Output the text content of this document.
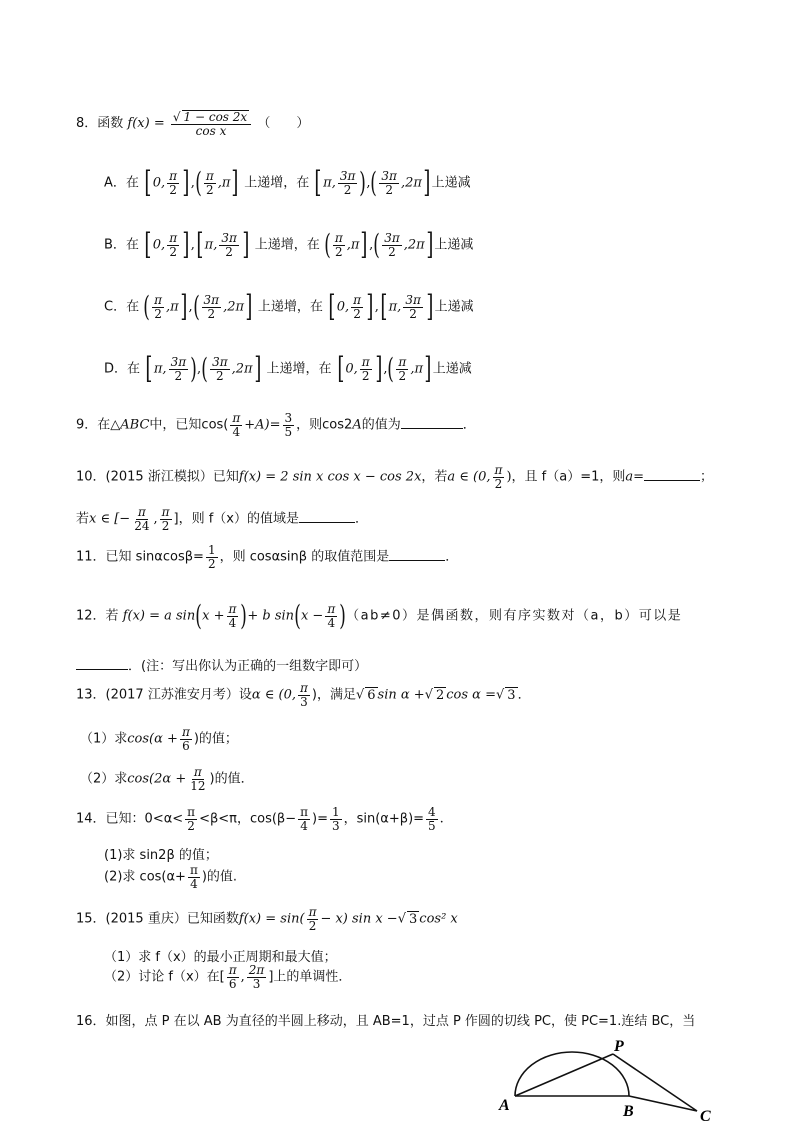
8．函数 $f(x) = \frac{√ 1 - \cos 2x}{\text{cos x}}$ （　　）
A．在 [0, $\frac{\pi}{2}$ ],( $\frac{\pi}{2} ,\pi$] 上递增，在 [π, $\frac{3\pi}{2}$ ),( $\frac{3\pi}{2} ,2\pi$]上递减
B．在 [0, $\frac{\pi}{2} ],[\pi$, $\frac{3\pi}{2}$ ] 上递增，在 ( $\frac{\pi}{2} ,\pi],( \frac{3\pi}{2} ,2\pi]$上递减
C．在 ( $\frac{\pi}{2} ,\pi],( \frac{3\pi}{2} ,2\pi]$ 上递增，在 [0, $\frac{\pi}{2} ],[\pi$, $\frac{3\pi}{2}$ ]上递减
D．在 [π, $\frac{3\pi}{2}$ ),( $\frac{3\pi}{2} ,2\pi$] 上递增，在 [0, $\frac{\pi}{2}$ ],( $\frac{\pi}{2} ,\pi$]上递减
9．在△ABC中，已知$\cos( \frac{\pi}{4} +A)= \frac{3}{5}$ ，则cos2A的值为	．
10．(2015 浙江模拟）已知f(x) = 2 sin x cos x − cos 2x，若a ∈ (0, $\frac{\pi}{2}$ )，且 f（a）=1，则a=	；
若x ∈ [− $\frac{\pi}{24}$ , $\frac{\pi}{2}$ ]，则 f（x）的值域是	．
11．已知 $\sin\alpha\cos\beta= \frac{1}{2}$ ，则 cosαsinβ 的取值范围是	．
12．若 f(x) = a $\sin(x + \frac{\pi}{4}$ )+ b $\sin(x - \frac{\pi}{4} )(ab\ne 0)$是偶函数，则有序实数对（a，b）可以是
．(注：写出你认为正确的一组数字即可）
13．(2017 江苏淮安月考）设α ∈ (0, $\frac{\pi}{3}$ )，满足√ 6 sin α +√ 2 cos α =√ 3 ．
（1）求$\cos(\alpha + \frac{\pi}{6}$ )的值；
（2）求$\cos(2\alpha + \frac{\pi}{12}$ )的值．
14．已知：$0<\alpha< \frac{\pi}{2} <\beta<\pi$，$\cos(\beta- \frac{\pi}{4}$ )= $\frac{1}{3}$ ，$\sin(\alpha+\beta)= \frac{4}{5}$ .
(1)求 sin2β 的值；
(2)求 $\cos(\alpha+ \frac{\pi}{4}$ )的值.
15．(2015 重庆）已知函数$f(x) = \sin( \frac{\pi}{2} - x)$ sin x −√ 3 cos² x
（1）求 f（x）的最小正周期和最大值；
（2）讨论 f（x）在[ $\frac{\pi}{6}$ , $\frac{2\pi}{3}$ ]上的单调性．
16．如图，点 P 在以 AB 为直径的半圆上移动，且 AB=1，过点 P 作圆的切线 PC，使 PC=1.连结 BC，当
P
A	B	C
